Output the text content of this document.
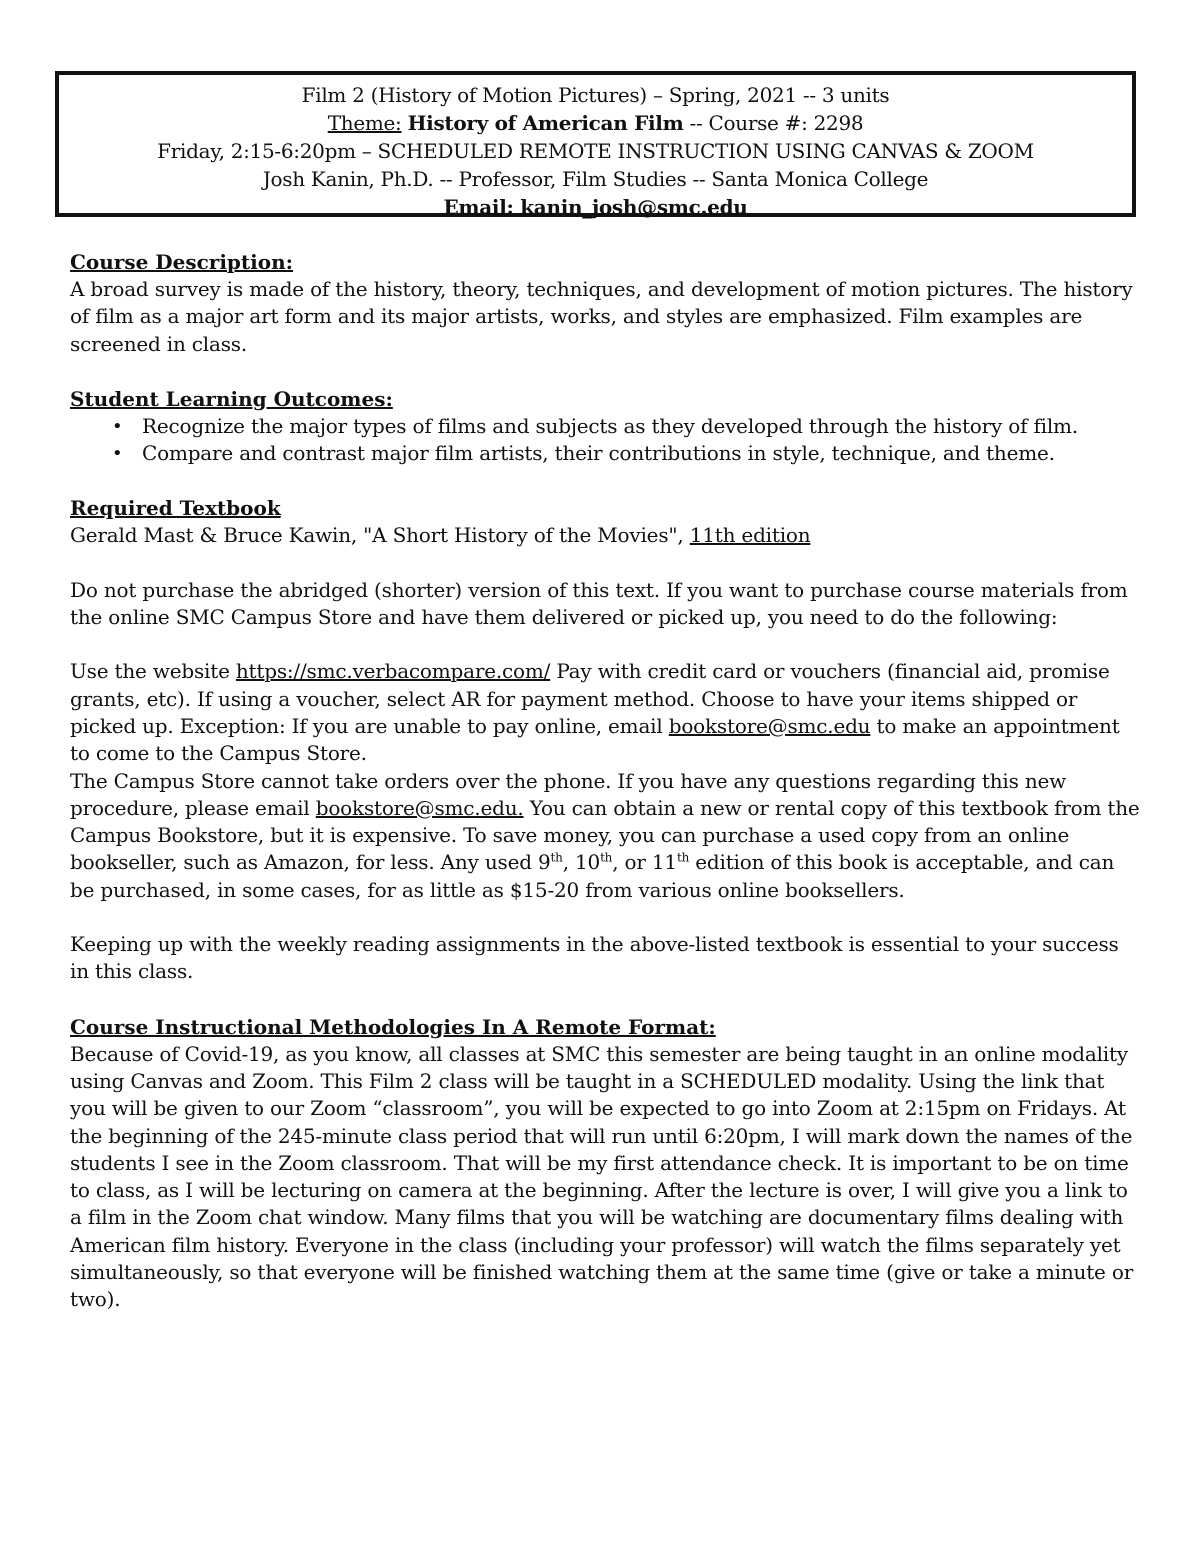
Film 2 (History of Motion Pictures) – Spring, 2021 -- 3 units
Theme: History of American Film -- Course #: 2298
Friday, 2:15-6:20pm – SCHEDULED REMOTE INSTRUCTION USING CANVAS & ZOOM
Josh Kanin, Ph.D. -- Professor, Film Studies -- Santa Monica College
Email: kanin_josh@smc.edu
Course Description:

A broad survey is made of the history, theory, techniques, and development of motion pictures. The history of film as a major art form and its major artists, works, and styles are emphasized. Film examples are screened in class.

Student Learning Outcomes:
• Recognize the major types of films and subjects as they developed through the history of film.
• Compare and contrast major film artists, their contributions in style, technique, and theme.
Required Textbook

Gerald Mast & Bruce Kawin, "A Short History of the Movies", 11th edition

Do not purchase the abridged (shorter) version of this text. If you want to purchase course materials from the online SMC Campus Store and have them delivered or picked up, you need to do the following:

Use the website https://smc.verbacompare.com/ Pay with credit card or vouchers (financial aid, promise grants, etc). If using a voucher, select AR for payment method. Choose to have your items shipped or picked up. Exception: If you are unable to pay online, email bookstore@smc.edu to make an appointment to come to the Campus Store.

The Campus Store cannot take orders over the phone. If you have any questions regarding this new procedure, please email bookstore@smc.edu. You can obtain a new or rental copy of this textbook from the Campus Bookstore, but it is expensive. To save money, you can purchase a used copy from an online bookseller, such as Amazon, for less. Any used 9th, 10th, or 11th edition of this book is acceptable, and can be purchased, in some cases, for as little as $15-20 from various online booksellers.

Keeping up with the weekly reading assignments in the above-listed textbook is essential to your success in this class.

Course Instructional Methodologies In A Remote Format:

Because of Covid-19, as you know, all classes at SMC this semester are being taught in an online modality using Canvas and Zoom. This Film 2 class will be taught in a SCHEDULED modality. Using the link that you will be given to our Zoom “classroom”, you will be expected to go into Zoom at 2:15pm on Fridays. At the beginning of the 245-minute class period that will run until 6:20pm, I will mark down the names of the students I see in the Zoom classroom. That will be my first attendance check. It is important to be on time to class, as I will be lecturing on camera at the beginning. After the lecture is over, I will give you a link to a film in the Zoom chat window. Many films that you will be watching are documentary films dealing with American film history. Everyone in the class (including your professor) will watch the films separately yet simultaneously, so that everyone will be finished watching them at the same time (give or take a minute or two).
